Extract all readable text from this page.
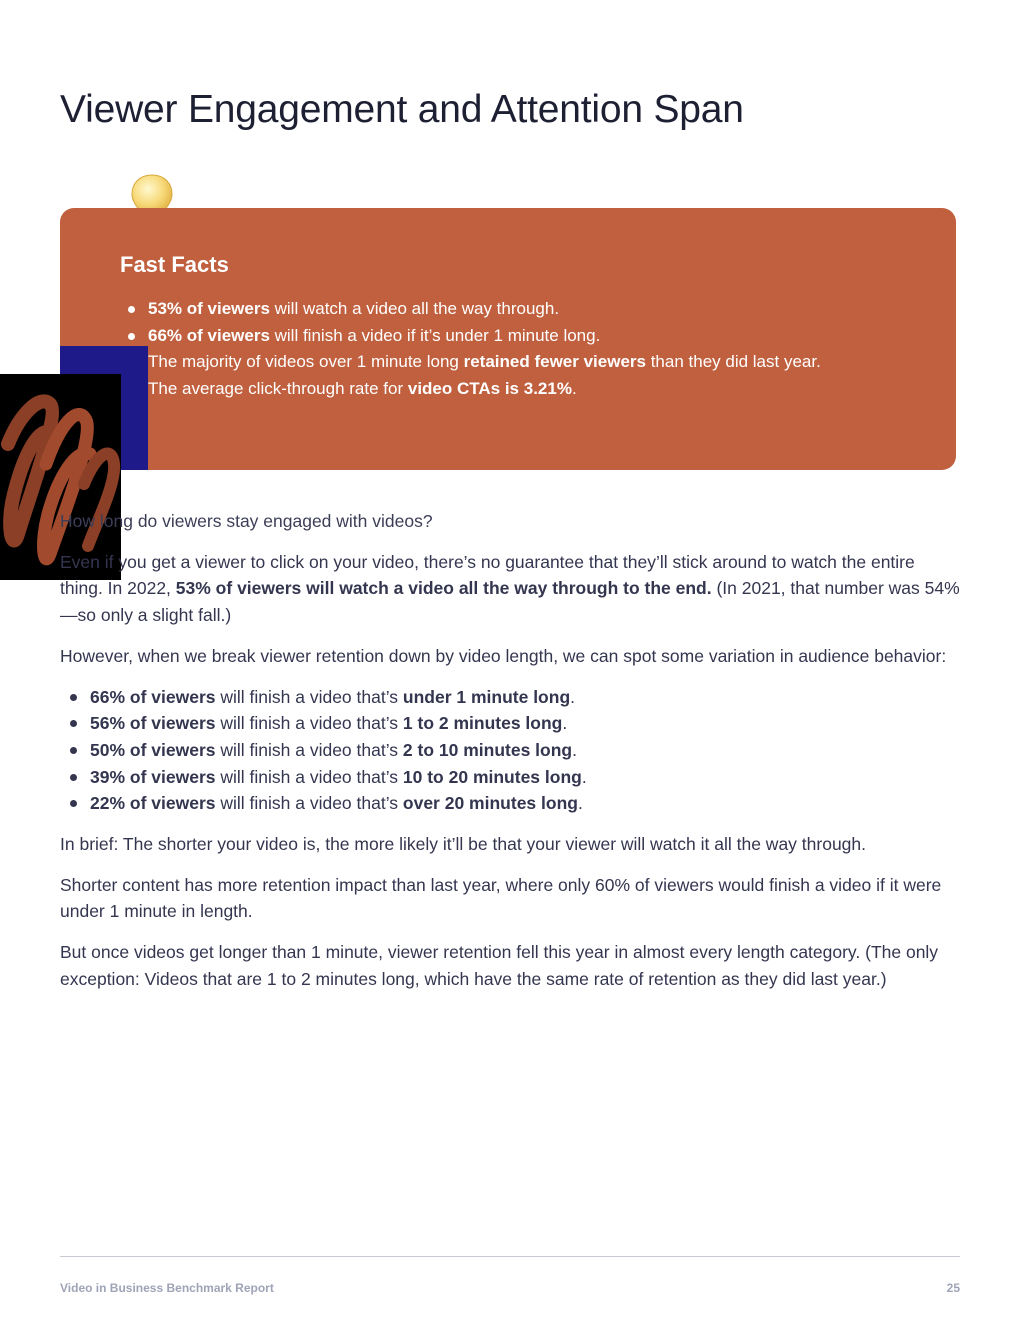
Viewer Engagement and Attention Span
Fast Facts
53% of viewers will watch a video all the way through.
66% of viewers will finish a video if it’s under 1 minute long.
The majority of videos over 1 minute long retained fewer viewers than they did last year.
The average click-through rate for video CTAs is 3.21%.

How long do viewers stay engaged with videos?

Even if you get a viewer to click on your video, there’s no guarantee that they’ll stick around to watch the entire thing. In 2022, 53% of viewers will watch a video all the way through to the end. (In 2021, that number was 54%—so only a slight fall.)

However, when we break viewer retention down by video length, we can spot some variation in audience behavior:

66% of viewers will finish a video that’s under 1 minute long.
56% of viewers will finish a video that’s 1 to 2 minutes long.
50% of viewers will finish a video that’s 2 to 10 minutes long.
39% of viewers will finish a video that’s 10 to 20 minutes long.
22% of viewers will finish a video that’s over 20 minutes long.

In brief: The shorter your video is, the more likely it’ll be that your viewer will watch it all the way through.

Shorter content has more retention impact than last year, where only 60% of viewers would finish a video if it were under 1 minute in length.

But once videos get longer than 1 minute, viewer retention fell this year in almost every length category. (The only exception: Videos that are 1 to 2 minutes long, which have the same rate of retention as they did last year.)

Video in Business Benchmark Report	25
